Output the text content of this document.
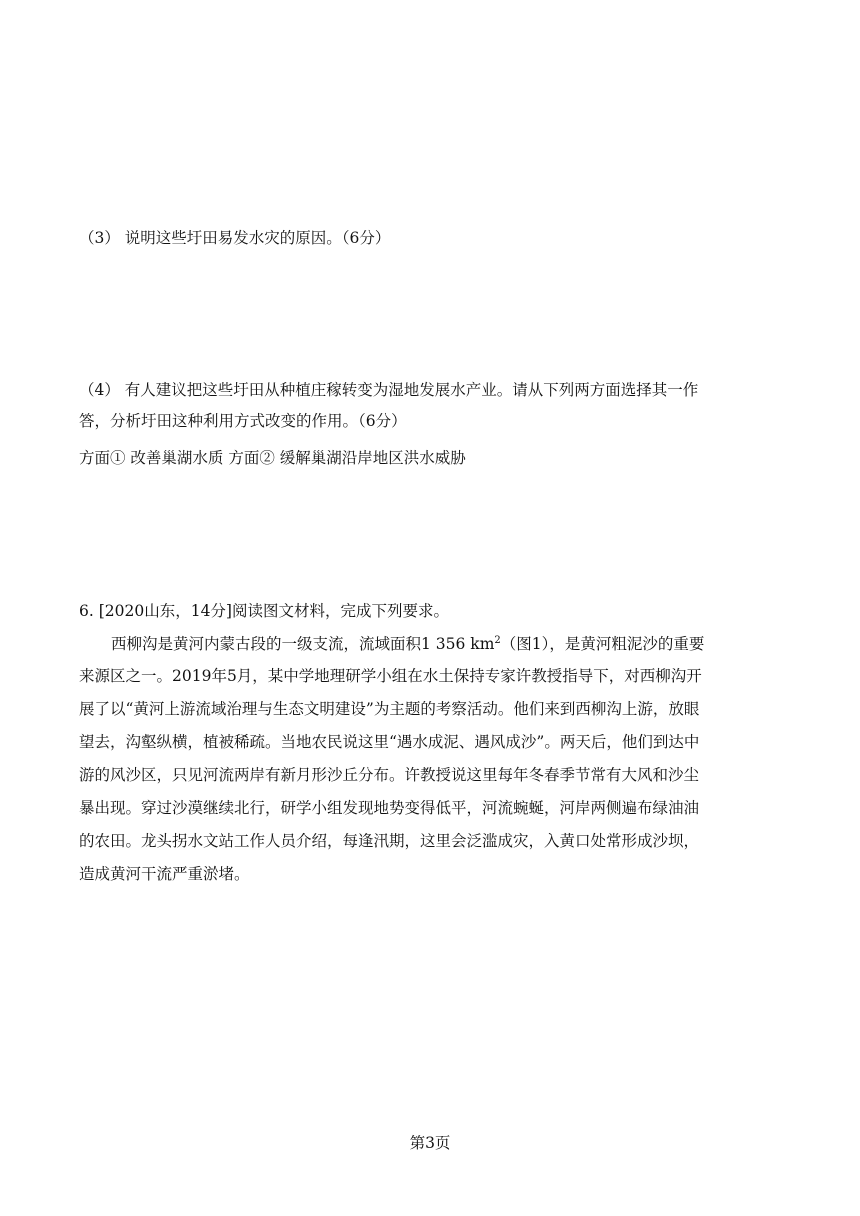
（3） 说明这些圩田易发水灾的原因。（6分）
（4） 有人建议把这些圩田从种植庄稼转变为湿地发展水产业。请从下列两方面选择其一作
答，分析圩田这种利用方式改变的作用。（6分）
方面① 改善巢湖水质 方面② 缓解巢湖沿岸地区洪水威胁
6. [2020山东，14分]阅读图文材料，完成下列要求。
西柳沟是黄河内蒙古段的一级支流，流域面积1 356 $km^2$（图1），是黄河粗泥沙的重要
来源区之一。2019年5月，某中学地理研学小组在水土保持专家许教授指导下，对西柳沟开
展了以“黄河上游流域治理与生态文明建设”为主题的考察活动。他们来到西柳沟上游，放眼
望去，沟壑纵横，植被稀疏。当地农民说这里“遇水成泥、遇风成沙”。两天后，他们到达中
游的风沙区，只见河流两岸有新月形沙丘分布。许教授说这里每年冬春季节常有大风和沙尘
暴出现。穿过沙漠继续北行，研学小组发现地势变得低平，河流蜿蜒，河岸两侧遍布绿油油
的农田。龙头拐水文站工作人员介绍，每逢汛期，这里会泛滥成灾，入黄口处常形成沙坝，
造成黄河干流严重淤堵。
第3页
